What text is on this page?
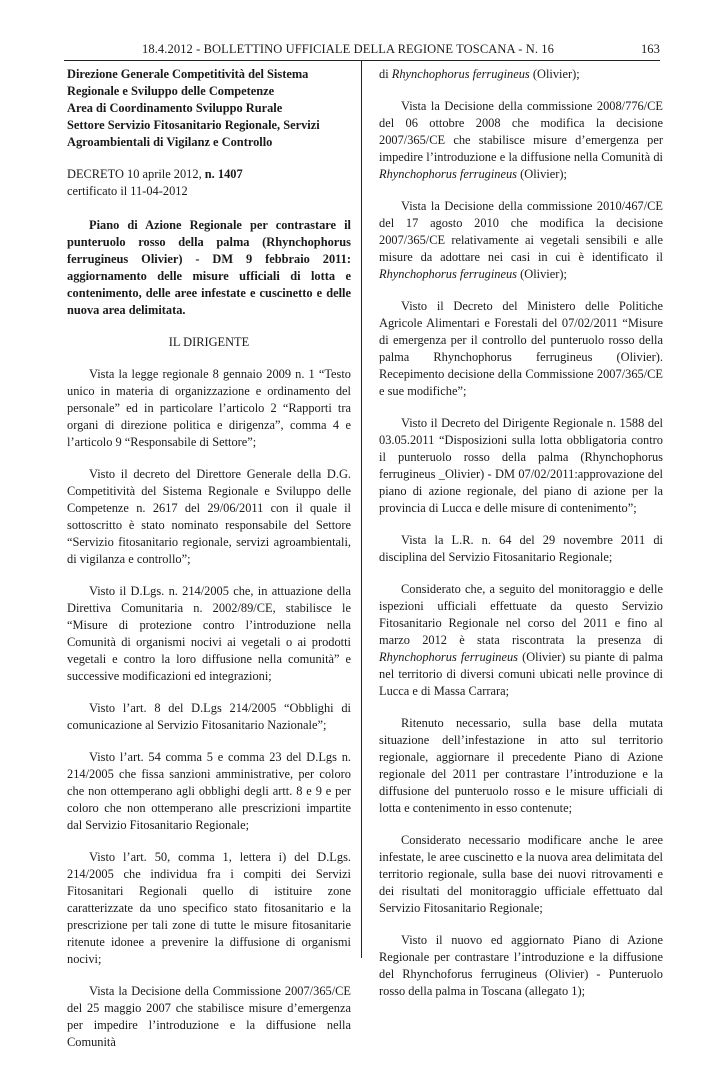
18.4.2012 - BOLLETTINO UFFICIALE DELLA REGIONE TOSCANA - N. 16	163

Direzione Generale Competitività del Sistema
Regionale e Sviluppo delle Competenze
Area di Coordinamento Sviluppo Rurale
Settore Servizio Fitosanitario Regionale, Servizi
Agroambientali di Vigilanz e Controllo

DECRETO 10 aprile 2012, n. 1407
certificato il 11-04-2012

Piano di Azione Regionale per contrastare il punteruolo rosso della palma (Rhynchophorus ferrugineus Olivier) - DM 9 febbraio 2011: aggiornamento delle misure ufficiali di lotta e contenimento, delle aree infestate e cuscinetto e delle nuova area delimitata.

IL DIRIGENTE

Vista la legge regionale 8 gennaio 2009 n. 1 “Testo unico in materia di organizzazione e ordinamento del personale” ed in particolare l’articolo 2 “Rapporti tra organi di direzione politica e dirigenza”, comma 4 e l’articolo 9 “Responsabile di Settore”;

Visto il decreto del Direttore Generale della D.G. Competitività del Sistema Regionale e Sviluppo delle Competenze n. 2617 del 29/06/2011 con il quale il sottoscritto è stato nominato responsabile del Settore “Servizio fitosanitario regionale, servizi agroambientali, di vigilanza e controllo”;

Visto il D.Lgs. n. 214/2005 che, in attuazione della Direttiva Comunitaria n. 2002/89/CE, stabilisce le “Misure di protezione contro l’introduzione nella Comunità di organismi nocivi ai vegetali o ai prodotti vegetali e contro la loro diffusione nella comunità” e successive modificazioni ed integrazioni;

Visto l’art. 8 del D.Lgs 214/2005 “Obblighi di comunicazione al Servizio Fitosanitario Nazionale”;

Visto l’art. 54 comma 5 e comma 23 del D.Lgs n. 214/2005 che fissa sanzioni amministrative, per coloro che non ottemperano agli obblighi degli artt. 8 e 9 e per coloro che non ottemperano alle prescrizioni impartite dal Servizio Fitosanitario Regionale;

Visto l’art. 50, comma 1, lettera i) del D.Lgs. 214/2005 che individua fra i compiti dei Servizi Fitosanitari Regionali quello di istituire zone caratterizzate da uno specifico stato fitosanitario e la prescrizione per tali zone di tutte le misure fitosanitarie ritenute idonee a prevenire la diffusione di organismi nocivi;

Vista la Decisione della Commissione 2007/365/CE del 25 maggio 2007 che stabilisce misure d’emergenza per impedire l’introduzione e la diffusione nella Comunità

di Rhynchophorus ferrugineus (Olivier);

Vista la Decisione della commissione 2008/776/CE del 06 ottobre 2008 che modifica la decisione 2007/365/CE che stabilisce misure d’emergenza per impedire l’introduzione e la diffusione nella Comunità di Rhynchophorus ferrugineus (Olivier);

Vista la Decisione della commissione 2010/467/CE del 17 agosto 2010 che modifica la decisione 2007/365/CE relativamente ai vegetali sensibili e alle misure da adottare nei casi in cui è identificato il Rhynchophorus ferrugineus (Olivier);

Visto il Decreto del Ministero delle Politiche Agricole Alimentari e Forestali del 07/02/2011 “Misure di emergenza per il controllo del punteruolo rosso della palma Rhynchophorus ferrugineus (Olivier). Recepimento decisione della Commissione 2007/365/CE e sue modifiche”;

Visto il Decreto del Dirigente Regionale n. 1588 del 03.05.2011 “Disposizioni sulla lotta obbligatoria contro il punteruolo rosso della palma (Rhynchophorus ferrugineus _Olivier) - DM 07/02/2011:approvazione del piano di azione regionale, del piano di azione per la provincia di Lucca e delle misure di contenimento”;

Vista la L.R. n. 64 del 29 novembre 2011 di disciplina del Servizio Fitosanitario Regionale;

Considerato che, a seguito del monitoraggio e delle ispezioni ufficiali effettuate da questo Servizio Fitosanitario Regionale nel corso del 2011 e fino al marzo 2012 è stata riscontrata la presenza di Rhynchophorus ferrugineus (Olivier) su piante di palma nel territorio di diversi comuni ubicati nelle province di Lucca e di Massa Carrara;

Ritenuto necessario, sulla base della mutata situazione dell’infestazione in atto sul territorio regionale, aggiornare il precedente Piano di Azione regionale del 2011 per contrastare l’introduzione e la diffusione del punteruolo rosso e le misure ufficiali di lotta e contenimento in esso contenute;

Considerato necessario modificare anche le aree infestate, le aree cuscinetto e la nuova area delimitata del territorio regionale, sulla base dei nuovi ritrovamenti e dei risultati del monitoraggio ufficiale effettuato dal Servizio Fitosanitario Regionale;

Visto il nuovo ed aggiornato Piano di Azione Regionale per contrastare l’introduzione e la diffusione del Rhynchoforus ferrugineus (Olivier) - Punteruolo rosso della palma in Toscana (allegato 1);
